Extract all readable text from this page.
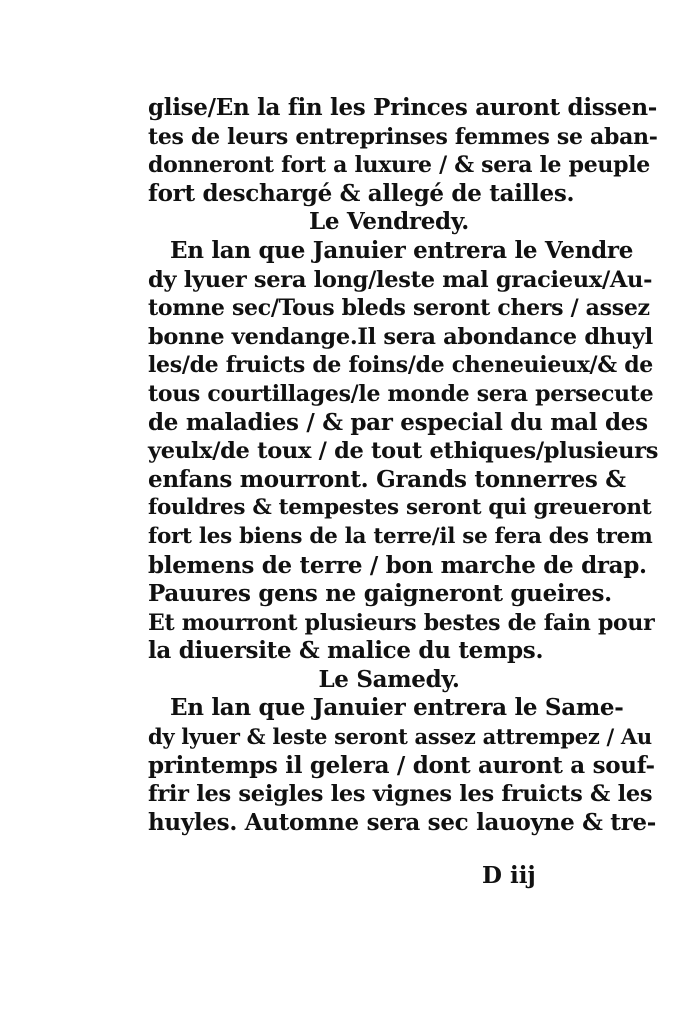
glise/En la fin les Princes auront dissen-
tes de leurs entreprinses femmes se aban-
donneront fort a luxure / & sera le peuple
fort deschargé & allegé de tailles.
Le Vendredy.
En lan que Januier entrera le Vendre
dy lyuer sera long/leste mal gracieux/Au-
tomne sec/Tous bleds seront chers / assez
bonne vendange.Il sera abondance dhuyl
les/de fruicts de foins/de cheneuieux/& de
tous courtillages/le monde sera persecute
de maladies / & par especial du mal des
yeulx/de toux / de tout ethiques/plusieurs
enfans mourront. Grands tonnerres &
fouldres & tempestes seront qui greueront
fort les biens de la terre/il se fera des trem
blemens de terre / bon marche de drap.
Pauures gens ne gaigneront gueires.
Et mourront plusieurs bestes de fain pour
la diuersite & malice du temps.
Le Samedy.
En lan que Januier entrera le Same-
dy lyuer & leste seront assez attrempez / Au
printemps il gelera / dont auront a souf-
frir les seigles les vignes les fruicts & les
huyles. Automne sera sec lauoyne & tre-
D iij
